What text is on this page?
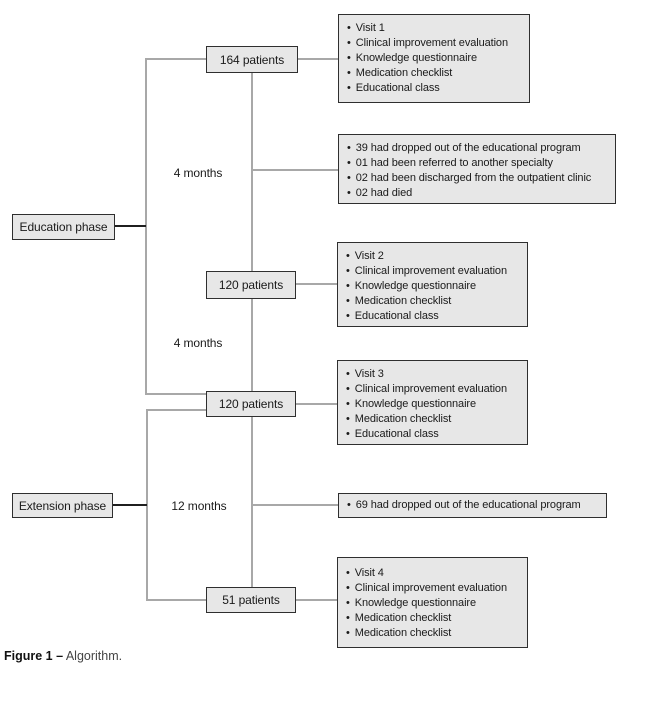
Education phase
Extension phase
164 patients
120 patients
120 patients
51 patients
4 months
4 months
12 months
• Visit 1
• Clinical improvement evaluation
• Knowledge questionnaire
• Medication checklist
• Educational class
• 39 had dropped out of the educational program
• 01 had been referred to another specialty
• 02 had been discharged from the outpatient clinic
• 02 had died
• Visit 2
• Clinical improvement evaluation
• Knowledge questionnaire
• Medication checklist
• Educational class
• Visit 3
• Clinical improvement evaluation
• Knowledge questionnaire
• Medication checklist
• Educational class
• 69 had dropped out of the educational program
• Visit 4
• Clinical improvement evaluation
• Knowledge questionnaire
• Medication checklist
• Medication checklist
Figure 1 – Algorithm.
